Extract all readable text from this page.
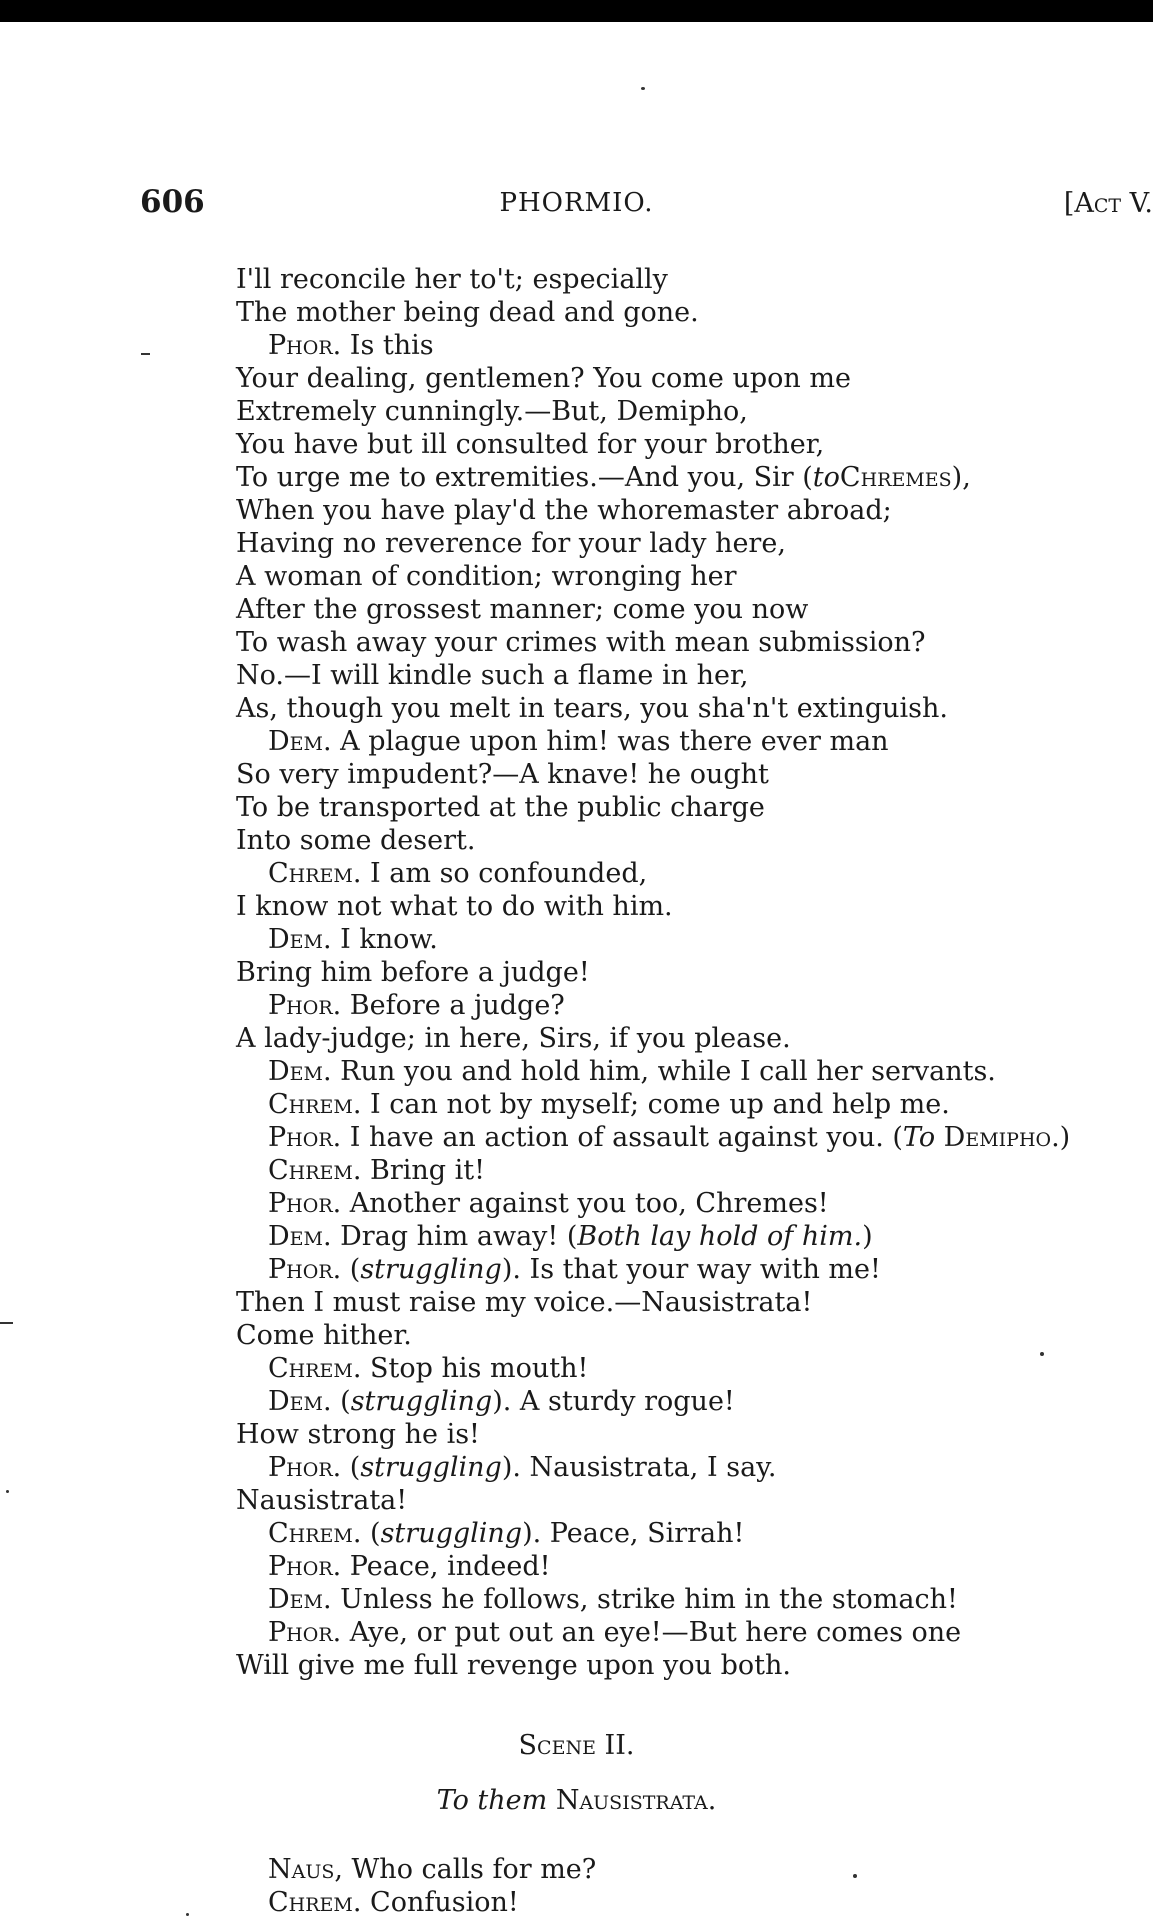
606	PHORMIO.	[Act V.
I'll reconcile her to't; especially
The mother being dead and gone.
Phor. Is this
Your dealing, gentlemen? You come upon me
Extremely cunningly.—But, Demipho,
You have but ill consulted for your brother,
To urge me to extremities.—And you, Sir (toChremes),
When you have play'd the whoremaster abroad;
Having no reverence for your lady here,
A woman of condition; wronging her
After the grossest manner; come you now
To wash away your crimes with mean submission?
No.—I will kindle such a flame in her,
As, though you melt in tears, you sha'n't extinguish.
Dem. A plague upon him! was there ever man
So very impudent?—A knave! he ought
To be transported at the public charge
Into some desert.
Chrem. I am so confounded,
I know not what to do with him.
Dem. I know.
Bring him before a judge!
Phor. Before a judge?
A lady-judge; in here, Sirs, if you please.
Dem. Run you and hold him, while I call her servants.
Chrem. I can not by myself; come up and help me.
Phor. I have an action of assault against you. (To Demipho.)
Chrem. Bring it!
Phor. Another against you too, Chremes!
Dem. Drag him away! (Both lay hold of him.)
Phor. (struggling). Is that your way with me!
Then I must raise my voice.—Nausistrata!
Come hither.
Chrem. Stop his mouth!
Dem. (struggling). A sturdy rogue!
How strong he is!
Phor. (struggling). Nausistrata, I say.
Nausistrata!
Chrem. (struggling). Peace, Sirrah!
Phor. Peace, indeed!
Dem. Unless he follows, strike him in the stomach!
Phor. Aye, or put out an eye!—But here comes one
Will give me full revenge upon you both.
Scene II.
To them Nausistrata.
Naus, Who calls for me?
Chrem. Confusion!
